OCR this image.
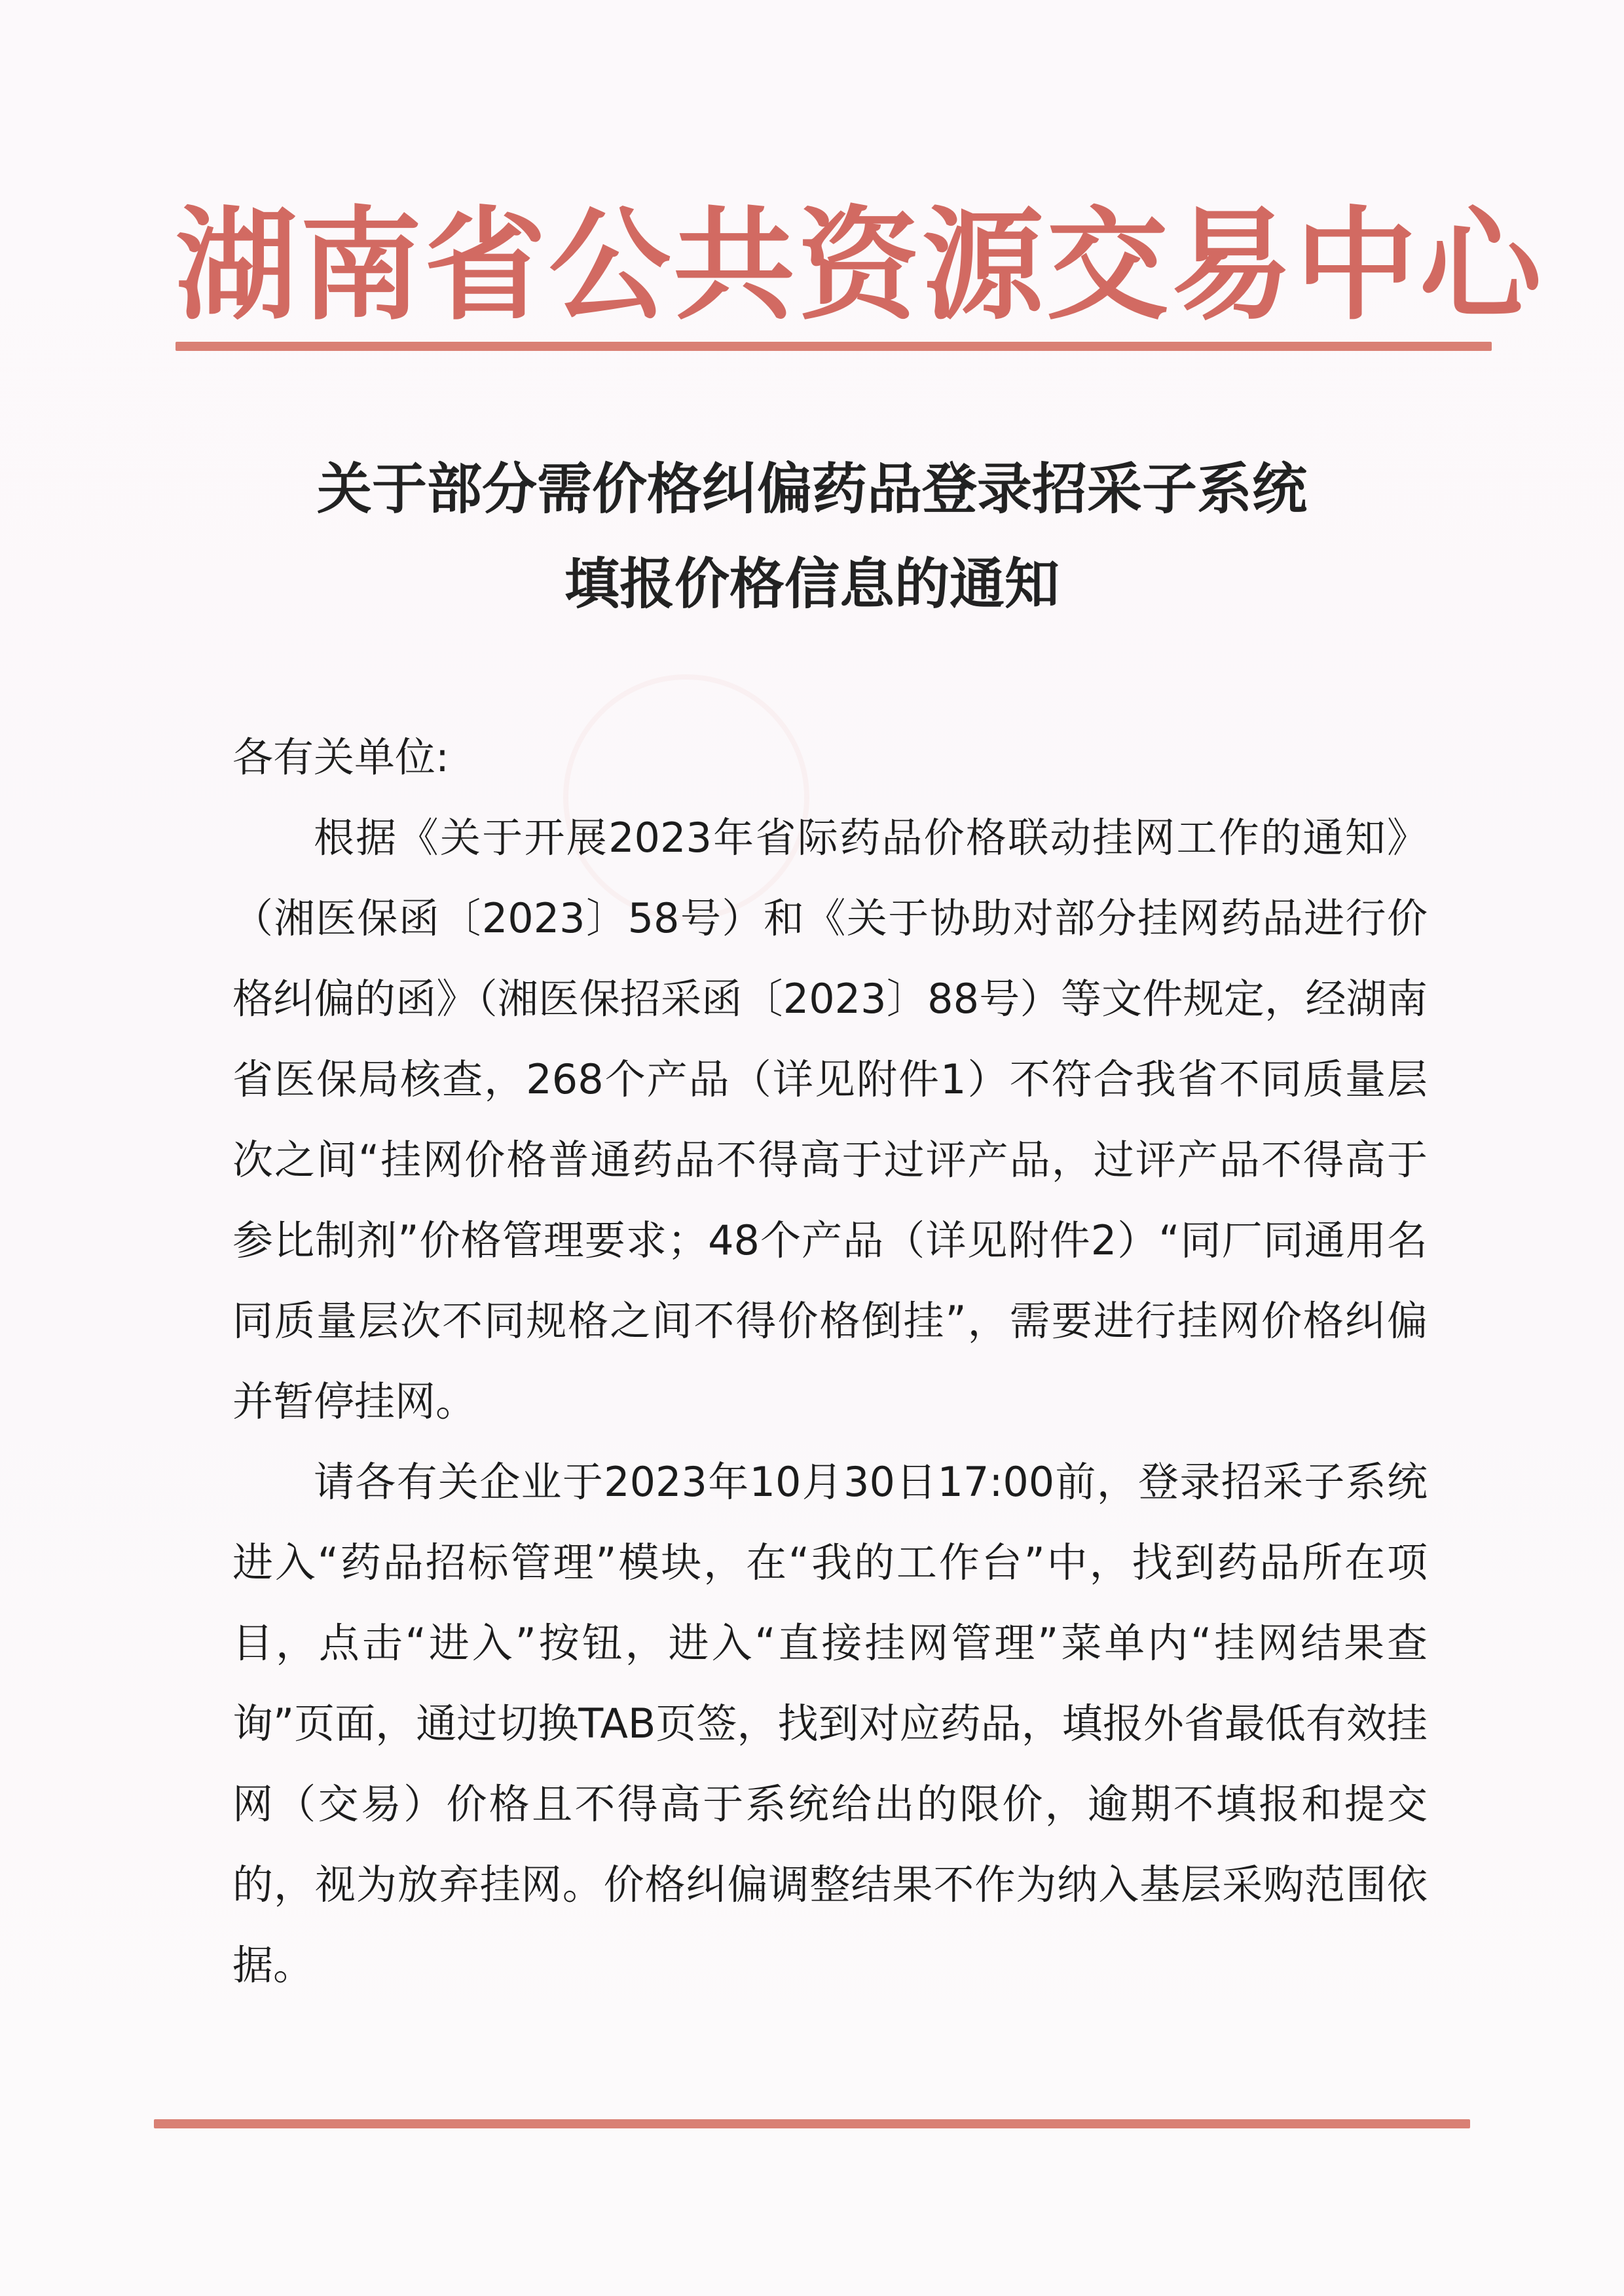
湖南省公共资源交易中心
关于部分需价格纠偏药品登录招采子系统
填报价格信息的通知

各有关单位:

根据《关于开展2023年省际药品价格联动挂网工作的通知》（湘医保函〔2023〕58号）和《关于协助对部分挂网药品进行价格纠偏的函》（湘医保招采函〔2023〕88号）等文件规定，经湖南省医保局核查，268个产品（详见附件1）不符合我省不同质量层次之间“挂网价格普通药品不得高于过评产品，过评产品不得高于参比制剂”价格管理要求；48个产品（详见附件2）“同厂同通用名同质量层次不同规格之间不得价格倒挂”，需要进行挂网价格纠偏并暂停挂网。

请各有关企业于2023年10月30日17:00前，登录招采子系统进入“药品招标管理”模块，在“我的工作台”中，找到药品所在项目，点击“进入”按钮，进入“直接挂网管理”菜单内“挂网结果查询”页面，通过切换TAB页签，找到对应药品，填报外省最低有效挂网（交易）价格且不得高于系统给出的限价，逾期不填报和提交的，视为放弃挂网。价格纠偏调整结果不作为纳入基层采购范围依据。
